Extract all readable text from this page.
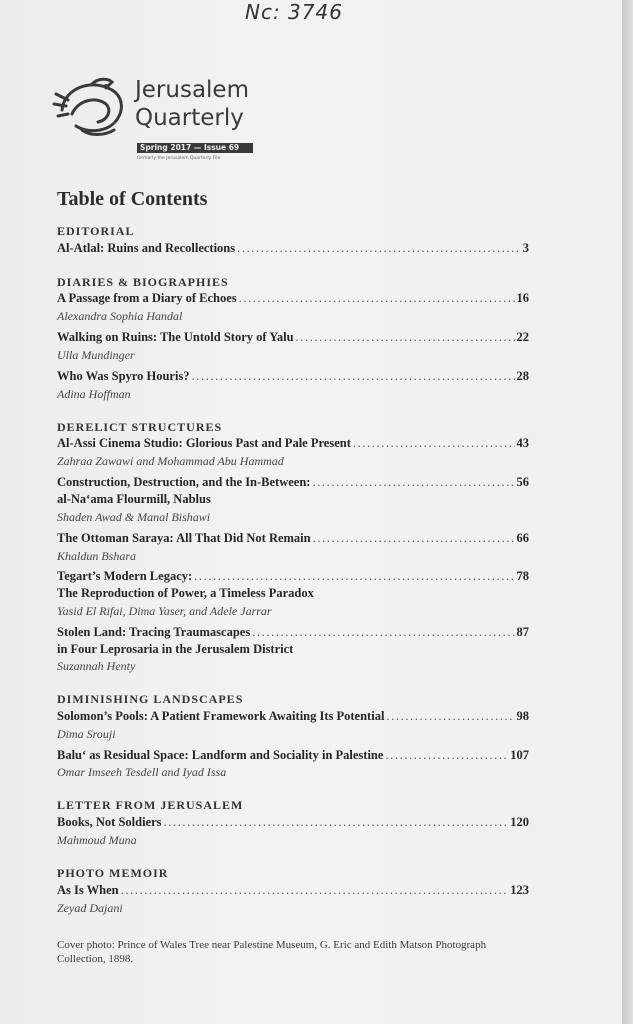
Nc: 3746
Jerusalem
Quarterly
Spring 2017 — Issue 69
formerly the Jerusalem Quarterly File
Table of Contents
EDITORIAL
Al-Atlal: Ruins and Recollections .....	3
DIARIES & BIOGRAPHIES
A Passage from a Diary of Echoes .....	16
Alexandra Sophia Handal
Walking on Ruins: The Untold Story of Yalu .....	22
Ulla Mundinger
Who Was Spyro Houris? .....	28
Adina Hoffman
DERELICT STRUCTURES
Al-Assi Cinema Studio: Glorious Past and Pale Present .....	43
Zahraa Zawawi and Mohammad Abu Hammad
Construction, Destruction, and the In-Between: .....	56
al-Na‘ama Flourmill, Nablus
Shaden Awad & Manal Bishawi
The Ottoman Saraya: All That Did Not Remain .....	66
Khaldun Bshara
Tegart’s Modern Legacy: .....	78
The Reproduction of Power, a Timeless Paradox
Yasid El Rifai, Dima Yaser, and Adele Jarrar
Stolen Land: Tracing Traumascapes .....	87
in Four Leprosaria in the Jerusalem District
Suzannah Henty
DIMINISHING LANDSCAPES
Solomon’s Pools: A Patient Framework Awaiting Its Potential .....	98
Dima Srouji
Balu‘ as Residual Space: Landform and Sociality in Palestine .....	107
Omar Imseeh Tesdell and Iyad Issa
LETTER FROM JERUSALEM
Books, Not Soldiers .....	120
Mahmoud Muna
PHOTO MEMOIR
As Is When .....	123
Zeyad Dajani
Cover photo: Prince of Wales Tree near Palestine Museum, G. Eric and Edith Matson Photograph Collection, 1898.
